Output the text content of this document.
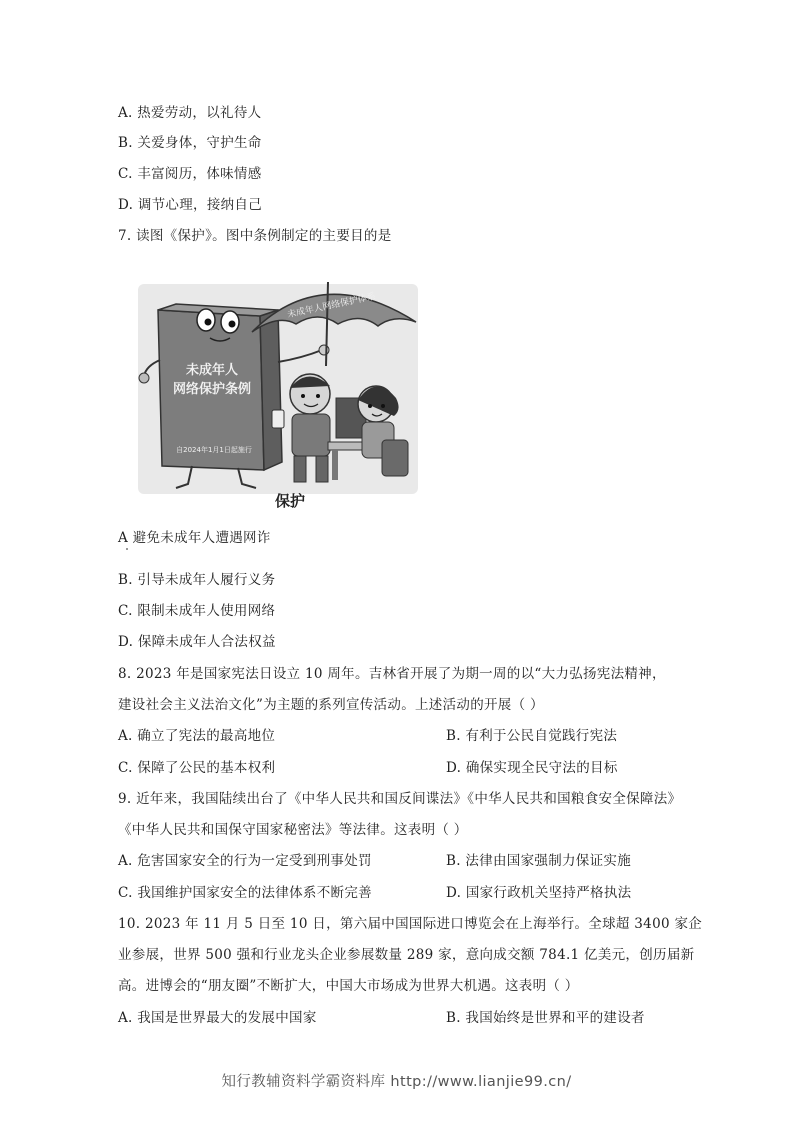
A. 热爱劳动，以礼待人
B. 关爱身体，守护生命
C. 丰富阅历，体味情感
D. 调节心理，接纳自己
7. 读图《保护》。图中条例制定的主要目的是
未成年人
网络保护条例
自2024年1月1日起施行
未成年人网络保护体系
保护
A 避免未成年人遭遇网诈
B. 引导未成年人履行义务
C. 限制未成年人使用网络
D. 保障未成年人合法权益
8. 2023 年是国家宪法日设立 10 周年。吉林省开展了为期一周的以“大力弘扬宪法精神，
建设社会主义法治文化”为主题的系列宣传活动。上述活动的开展（ ）
A. 确立了宪法的最高地位	B. 有利于公民自觉践行宪法
C. 保障了公民的基本权利	D. 确保实现全民守法的目标
9. 近年来，我国陆续出台了《中华人民共和国反间谍法》《中华人民共和国粮食安全保障法》
《中华人民共和国保守国家秘密法》等法律。这表明（ ）
A. 危害国家安全的行为一定受到刑事处罚	B. 法律由国家强制力保证实施
C. 我国维护国家安全的法律体系不断完善	D. 国家行政机关坚持严格执法
10. 2023 年 11 月 5 日至 10 日，第六届中国国际进口博览会在上海举行。全球超 3400 家企
业参展，世界 500 强和行业龙头企业参展数量 289 家，意向成交额 784.1 亿美元，创历届新
高。进博会的“朋友圈”不断扩大，中国大市场成为世界大机遇。这表明（ ）
A. 我国是世界最大的发展中国家	B. 我国始终是世界和平的建设者
知行教辅资料学霸资料库 http://www.lianjie99.cn/
